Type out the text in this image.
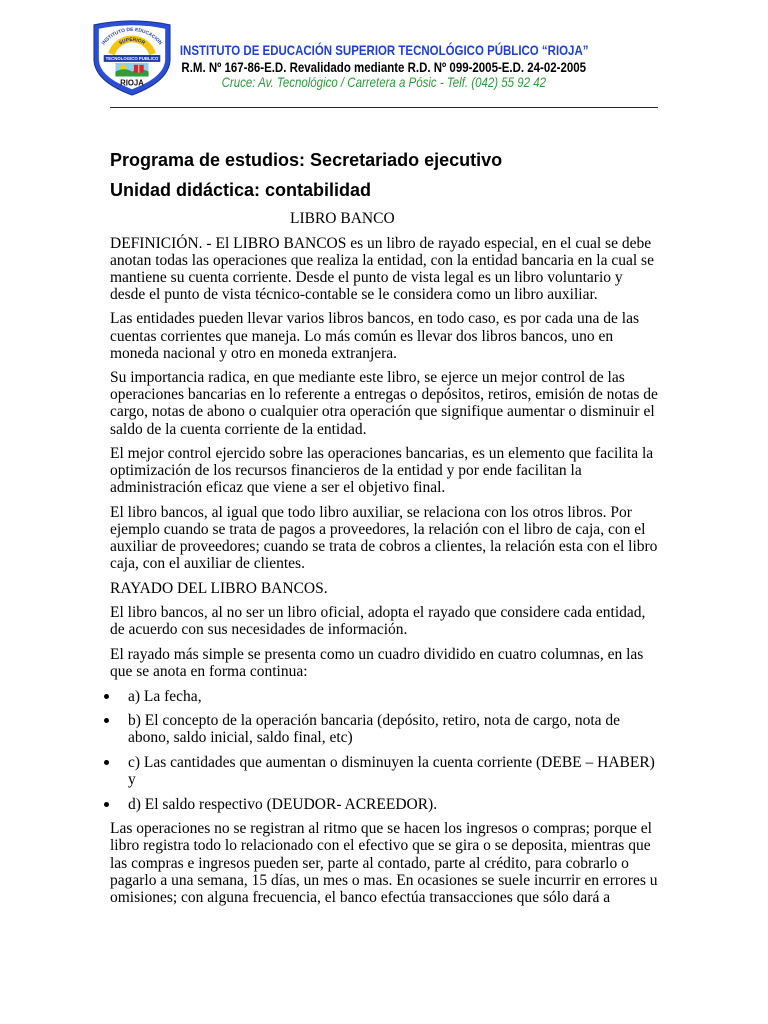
INSTITUTO DE EDUCACION
SUPERIOR
TECNOLOGICO PUBLICO
RIOJA
INSTITUTO DE EDUCACIÓN SUPERIOR TECNOLÓGICO PÚBLICO “RIOJA”
R.M. Nº 167-86-E.D. Revalidado mediante R.D. Nº 099-2005-E.D. 24-02-2005
Cruce: Av. Tecnológico / Carretera a Pósic - Telf. (042) 55 92 42
Programa de estudios: Secretariado ejecutivo
Unidad didáctica: contabilidad

LIBRO BANCO

DEFINICIÓN. - El LIBRO BANCOS es un libro de rayado especial, en el cual se debe
anotan todas las operaciones que realiza la entidad, con la entidad bancaria en la cual se
mantiene su cuenta corriente. Desde el punto de vista legal es un libro voluntario y
desde el punto de vista técnico-contable se le considera como un libro auxiliar.

Las entidades pueden llevar varios libros bancos, en todo caso, es por cada una de las
cuentas corrientes que maneja. Lo más común es llevar dos libros bancos, uno en
moneda nacional y otro en moneda extranjera.

Su importancia radica, en que mediante este libro, se ejerce un mejor control de las
operaciones bancarias en lo referente a entregas o depósitos, retiros, emisión de notas de
cargo, notas de abono o cualquier otra operación que signifique aumentar o disminuir el
saldo de la cuenta corriente de la entidad.

El mejor control ejercido sobre las operaciones bancarias, es un elemento que facilita la
optimización de los recursos financieros de la entidad y por ende facilitan la
administración eficaz que viene a ser el objetivo final.

El libro bancos, al igual que todo libro auxiliar, se relaciona con los otros libros. Por
ejemplo cuando se trata de pagos a proveedores, la relación con el libro de caja, con el
auxiliar de proveedores; cuando se trata de cobros a clientes, la relación esta con el libro
caja, con el auxiliar de clientes.

RAYADO DEL LIBRO BANCOS.

El libro bancos, al no ser un libro oficial, adopta el rayado que considere cada entidad,
de acuerdo con sus necesidades de información.

El rayado más simple se presenta como un cuadro dividido en cuatro columnas, en las
que se anota en forma continua:

a) La fecha,
b) El concepto de la operación bancaria (depósito, retiro, nota de cargo, nota de
abono, saldo inicial, saldo final, etc)
c) Las cantidades que aumentan o disminuyen la cuenta corriente (DEBE – HABER)
y
d) El saldo respectivo (DEUDOR- ACREEDOR).

Las operaciones no se registran al ritmo que se hacen los ingresos o compras; porque el
libro registra todo lo relacionado con el efectivo que se gira o se deposita, mientras que
las compras e ingresos pueden ser, parte al contado, parte al crédito, para cobrarlo o
pagarlo a una semana, 15 días, un mes o mas. En ocasiones se suele incurrir en errores u
omisiones; con alguna frecuencia, el banco efectúa transacciones que sólo dará a
